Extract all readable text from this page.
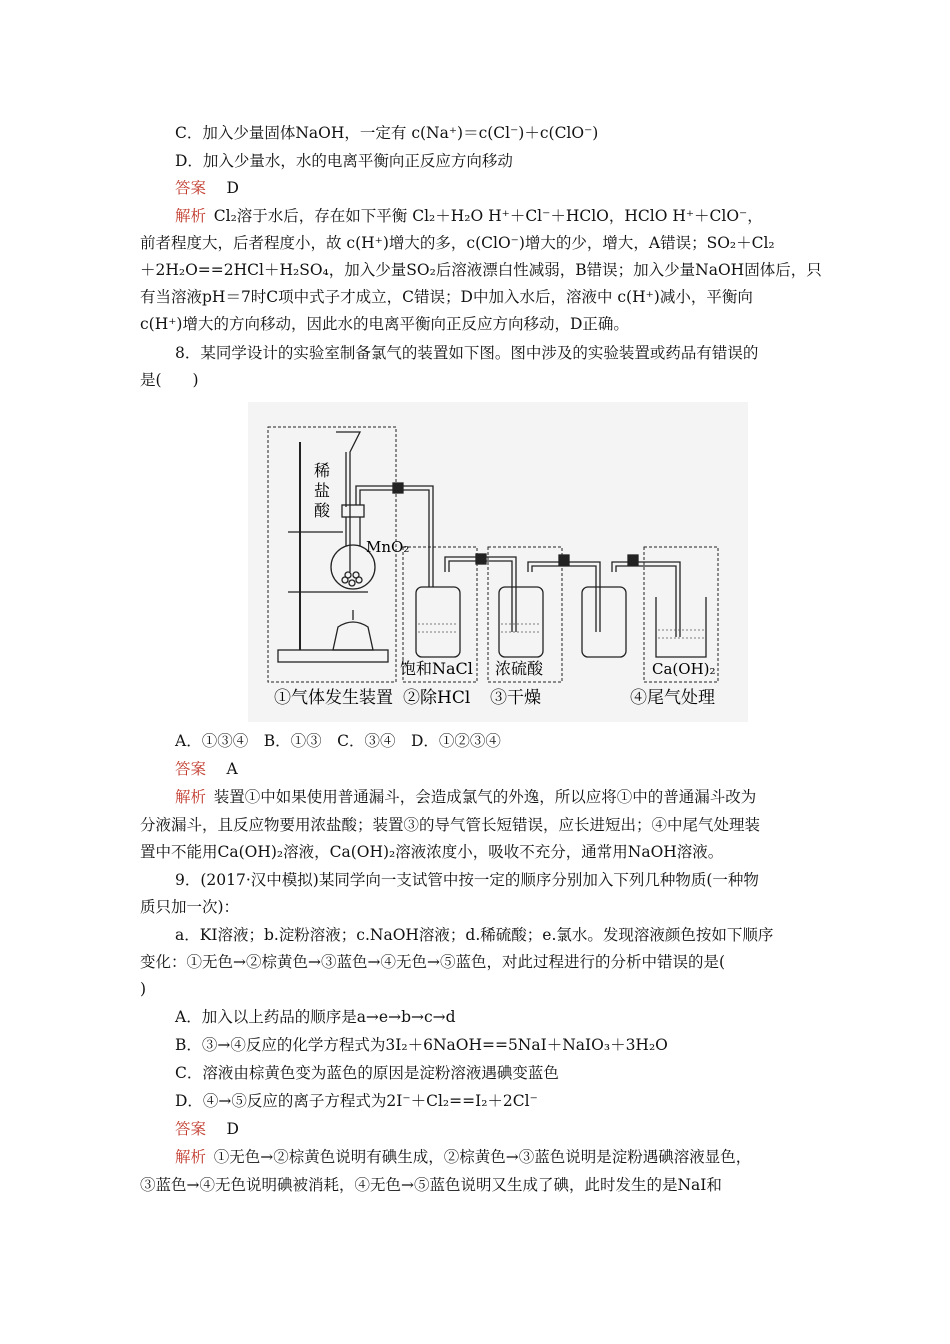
C．加入少量固体NaOH，一定有 c(Na⁺)＝c(Cl⁻)＋c(ClO⁻)
D．加入少量水，水的电离平衡向正反应方向移动
答案  D
解析  Cl₂溶于水后，存在如下平衡 Cl₂＋H₂O H⁺＋Cl⁻＋HClO，HClO H⁺＋ClO⁻，
前者程度大，后者程度小，故 c(H⁺)增大的多，c(ClO⁻)增大的少，增大，A错误；SO₂＋Cl₂
＋2H₂O==2HCl＋H₂SO₄，加入少量SO₂后溶液漂白性减弱，B错误；加入少量NaOH固体后，只
有当溶液pH＝7时C项中式子才成立，C错误；D中加入水后，溶液中 c(H⁺)减小，平衡向
c(H⁺)增大的方向移动，因此水的电离平衡向正反应方向移动，D正确。
8．某同学设计的实验室制备氯气的装置如下图。图中涉及的实验装置或药品有错误的
是(　　)
稀
盐
酸
MnO₂
饱和NaCl 浓硫酸	Ca(OH)₂
①气体发生装置 ②除HCl ③干燥	④尾气处理
A．①③④　B．①③　C．③④　D．①②③④
答案  A
解析  装置①中如果使用普通漏斗，会造成氯气的外逸，所以应将①中的普通漏斗改为
分液漏斗，且反应物要用浓盐酸；装置③的导气管长短错误，应长进短出；④中尾气处理装
置中不能用Ca(OH)₂溶液，Ca(OH)₂溶液浓度小，吸收不充分，通常用NaOH溶液。
9．(2017·汉中模拟)某同学向一支试管中按一定的顺序分别加入下列几种物质(一种物
质只加一次)：
a．KI溶液；b.淀粉溶液；c.NaOH溶液；d.稀硫酸；e.氯水。发现溶液颜色按如下顺序
变化：①无色→②棕黄色→③蓝色→④无色→⑤蓝色，对此过程进行的分析中错误的是(
)
A．加入以上药品的顺序是a→e→b→c→d
B．③→④反应的化学方程式为3I₂＋6NaOH==5NaI＋NaIO₃＋3H₂O
C．溶液由棕黄色变为蓝色的原因是淀粉溶液遇碘变蓝色
D．④→⑤反应的离子方程式为2I⁻＋Cl₂==I₂＋2Cl⁻
答案  D
解析  ①无色→②棕黄色说明有碘生成，②棕黄色→③蓝色说明是淀粉遇碘溶液显色，
③蓝色→④无色说明碘被消耗，④无色→⑤蓝色说明又生成了碘，此时发生的是NaI和
